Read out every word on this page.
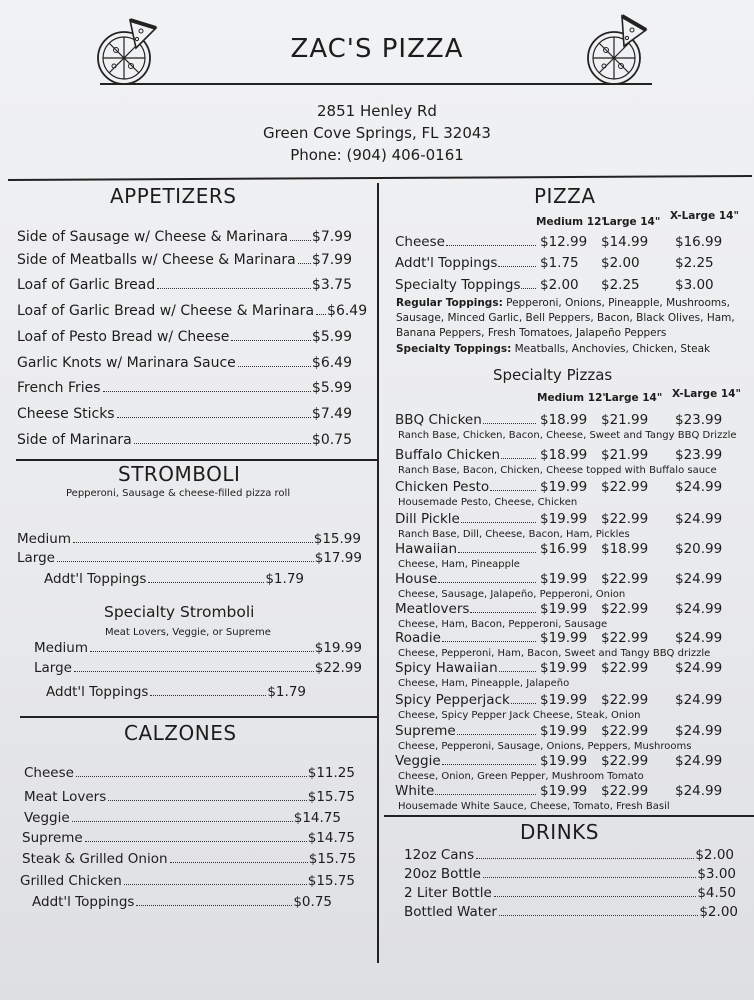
ZAC'S PIZZA
2851 Henley Rd
Green Cove Springs, FL 32043
Phone: (904) 406-0161
APPETIZERS
Side of Sausage w/ Cheese & Marinara $7.99
Side of Meatballs w/ Cheese & Marinara $7.99
Loaf of Garlic Bread	$3.75
Loaf of Garlic Bread w/ Cheese & Marinara $6.49
Loaf of Pesto Bread w/ Cheese	$5.99
Garlic Knots w/ Marinara Sauce	$6.49
French Fries	$5.99
Cheese Sticks	$7.49
Side of Marinara	$0.75
STROMBOLI
Pepperoni, Sausage & cheese-filled pizza roll
Medium	$15.99
Large	$17.99
Addt'l Toppings	$1.79
Specialty Stromboli
Meat Lovers, Veggie, or Supreme
Medium	$19.99
Large	$22.99
Addt'l Toppings	$1.79
CALZONES
Cheese	$11.25
Meat Lovers	$15.75
Veggie	$14.75
Supreme	$14.75
Steak & Grilled Onion	$15.75
Grilled Chicken	$15.75
Addt'l Toppings	$0.75
PIZZA
Medium 12"
Large 14" X-Large 14"
Cheese	$12.99 $14.99 $16.99
Addt'l Toppings	$1.75 $2.00	$2.25
Specialty Toppings $2.00 $2.25	$3.00
Regular Toppings: Pepperoni, Onions, Pineapple, Mushrooms, Sausage, Minced Garlic, Bell Peppers, Bacon, Black Olives, Ham, Banana Peppers, Fresh Tomatoes, Jalapeño Peppers
Specialty Toppings: Meatballs, Anchovies, Chicken, Steak
Specialty Pizzas
Medium 12"
Large 14" X-Large 14"
BBQ Chicken	$18.99 $21.99 $23.99
Ranch Base, Chicken, Bacon, Cheese, Sweet and Tangy BBQ Drizzle
Buffalo Chicken	$18.99 $21.99 $23.99
Ranch Base, Bacon, Chicken, Cheese topped with Buffalo sauce
Chicken Pesto	$19.99 $22.99 $24.99
Housemade Pesto, Cheese, Chicken
Dill Pickle	$19.99 $22.99 $24.99
Ranch Base, Dill, Cheese, Bacon, Ham, Pickles
Hawaiian	$16.99 $18.99 $20.99
Cheese, Ham, Pineapple
House	$19.99 $22.99 $24.99
Cheese, Sausage, Jalapeño, Pepperoni, Onion
Meatlovers	$19.99 $22.99 $24.99
Cheese, Ham, Bacon, Pepperoni, Sausage
Roadie	$19.99 $22.99 $24.99
Cheese, Pepperoni, Ham, Bacon, Sweet and Tangy BBQ drizzle
Spicy Hawaiian	$19.99 $22.99 $24.99
Cheese, Ham, Pineapple, Jalapeño
Spicy Pepperjack $19.99 $22.99 $24.99
Cheese, Spicy Pepper Jack Cheese, Steak, Onion
Supreme	$19.99 $22.99 $24.99
Cheese, Pepperoni, Sausage, Onions, Peppers, Mushrooms
Veggie	$19.99 $22.99 $24.99
Cheese, Onion, Green Pepper, Mushroom Tomato
White	$19.99 $22.99 $24.99
Housemade White Sauce, Cheese, Tomato, Fresh Basil
DRINKS
12oz Cans	$2.00
20oz Bottle	$3.00
2 Liter Bottle	$4.50
Bottled Water	$2.00
